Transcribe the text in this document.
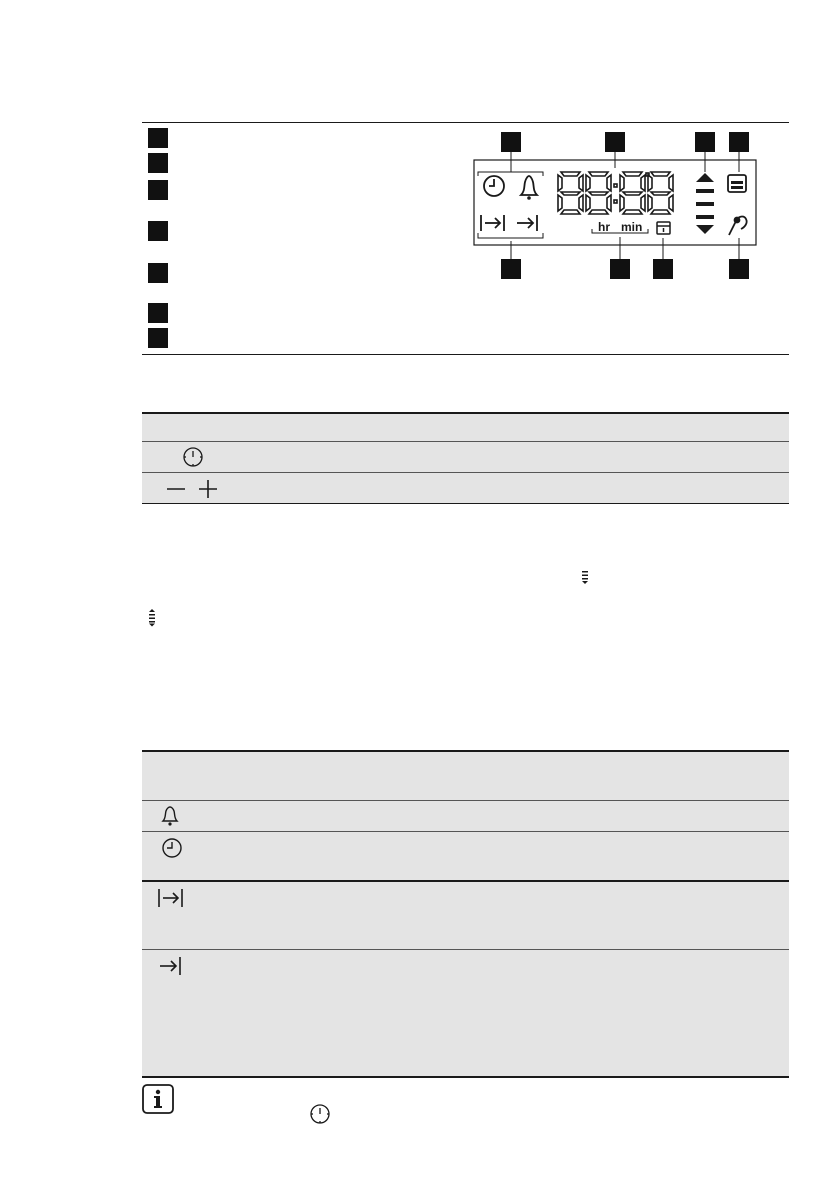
hr min
